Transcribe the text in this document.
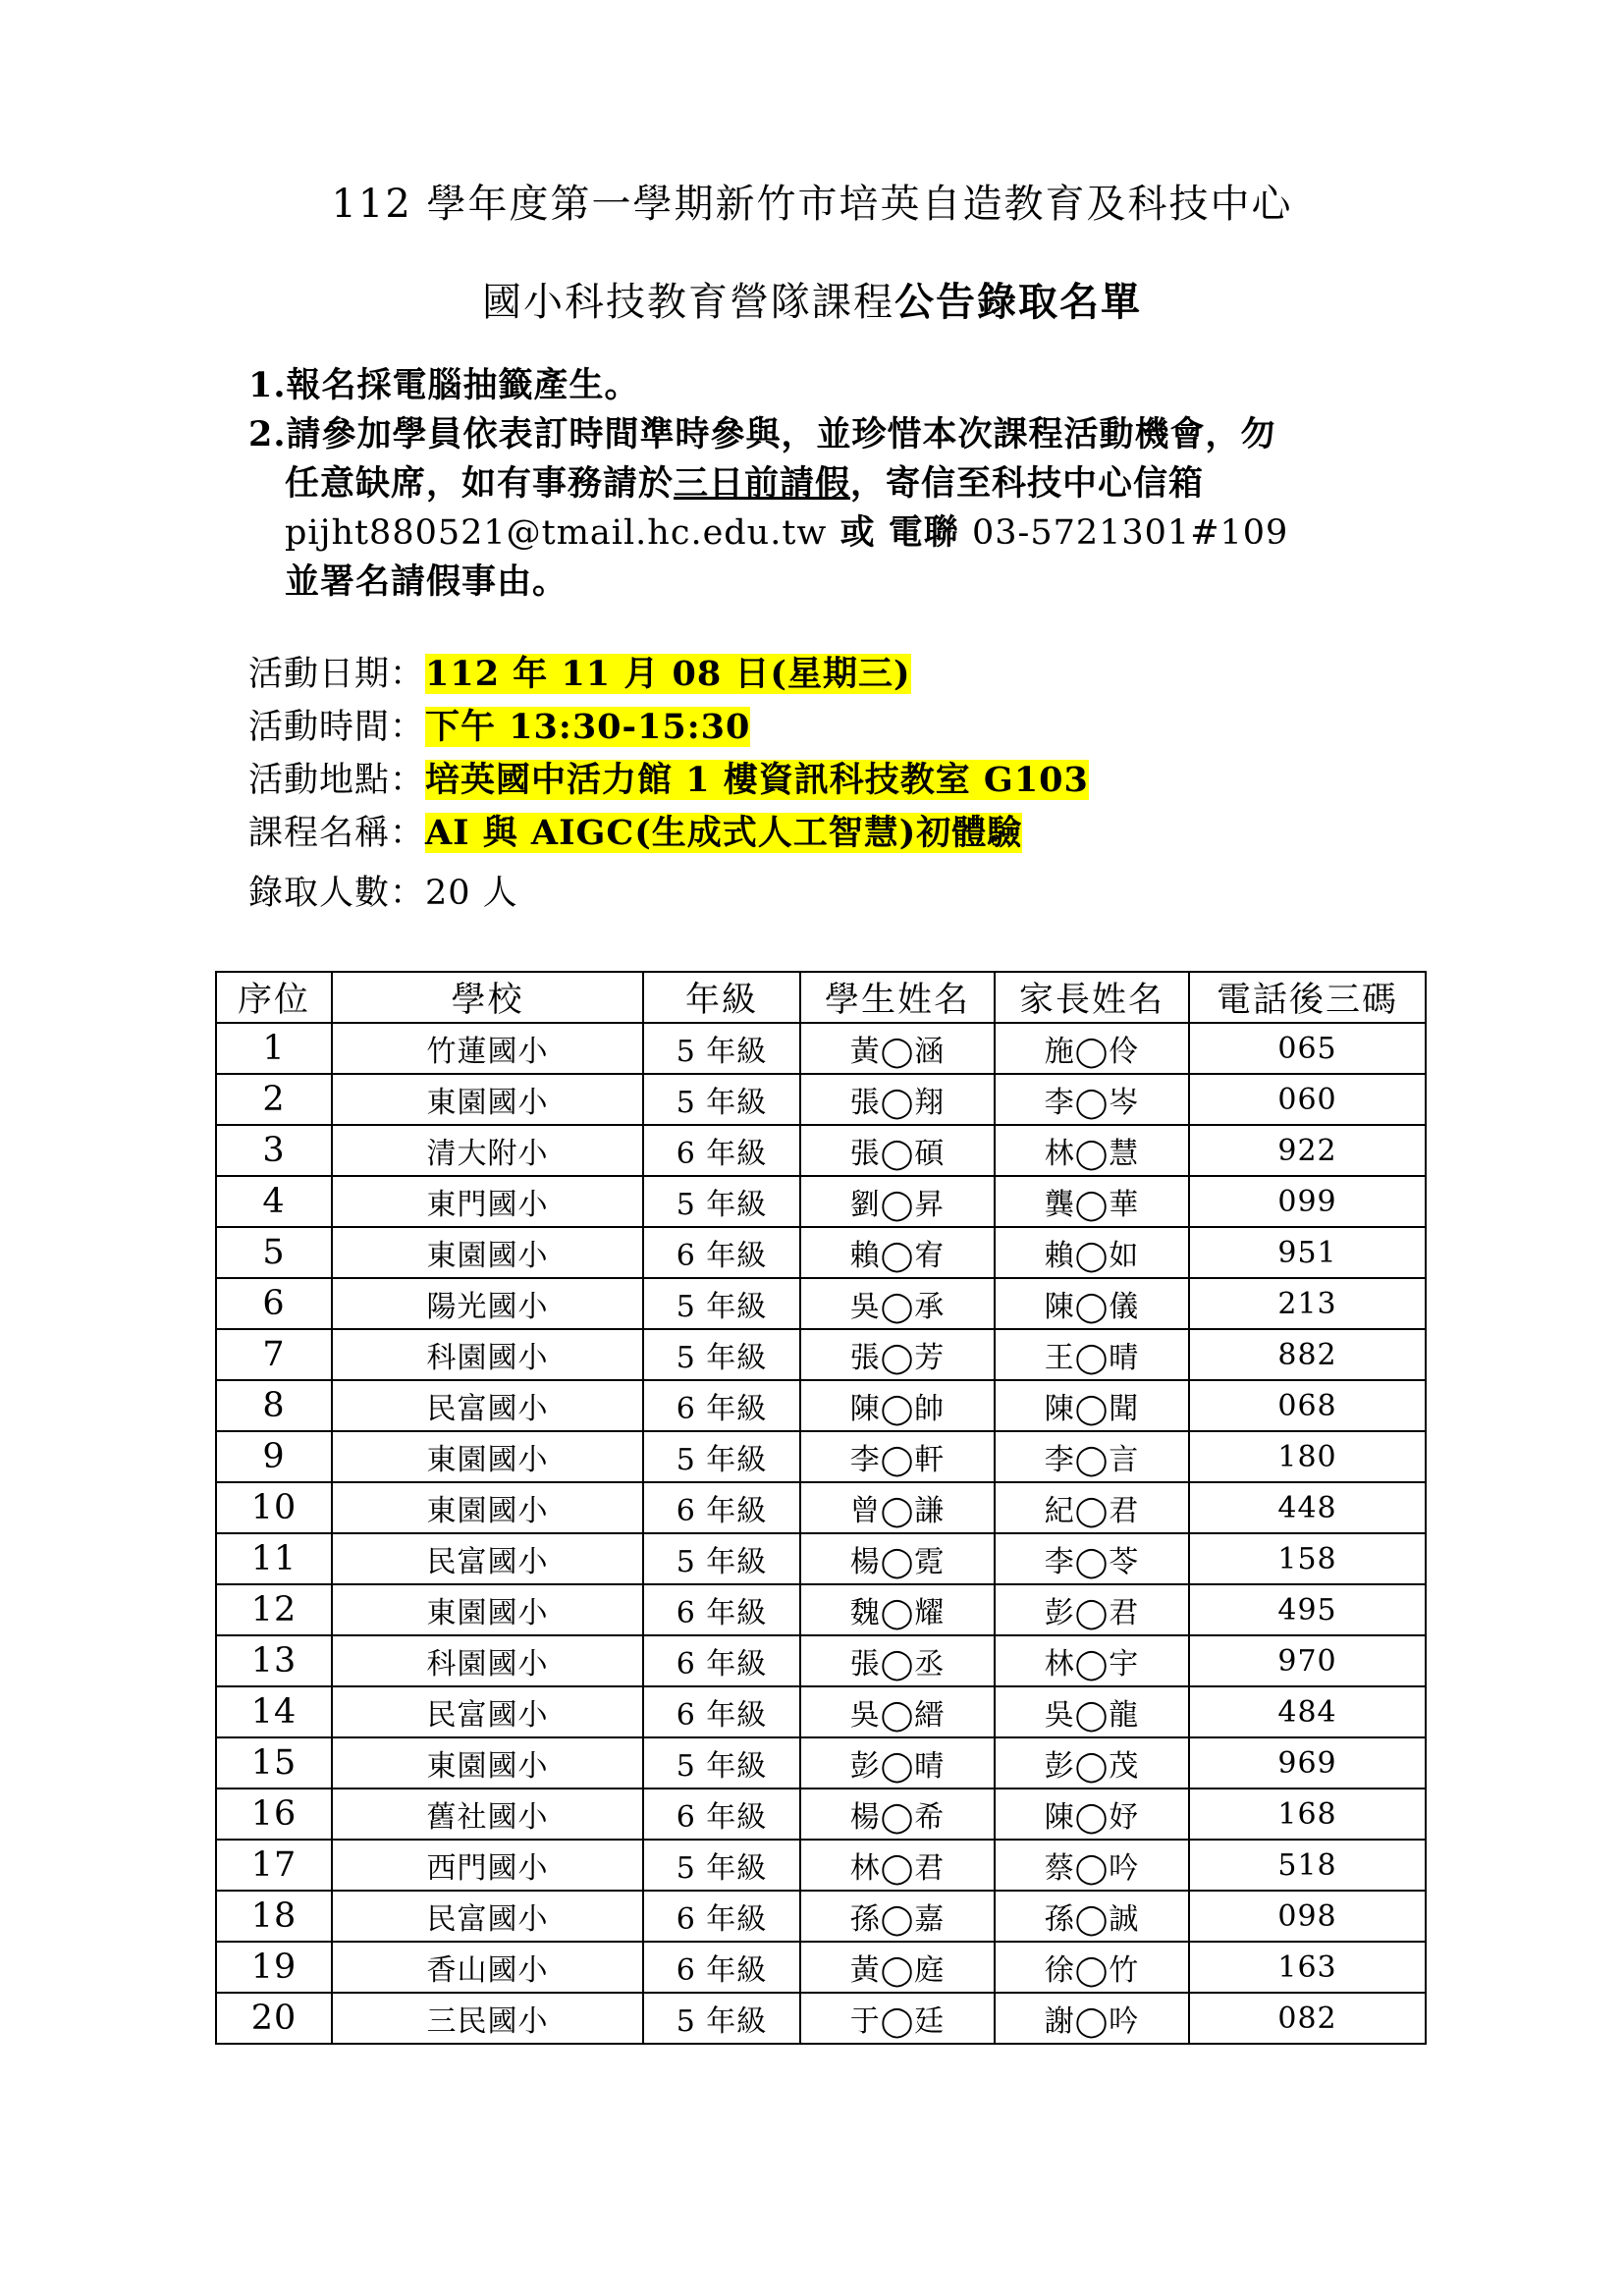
112 學年度第一學期新竹市培英自造教育及科技中心
國小科技教育營隊課程公告錄取名單
1.報名採電腦抽籤產生。
2.請參加學員依表訂時間準時參與，並珍惜本次課程活動機會，勿
任意缺席，如有事務請於三日前請假，寄信至科技中心信箱
pijht880521@tmail.hc.edu.tw 或 電聯 03-5721301#109
並署名請假事由。
活動日期：112 年 11 月 08 日(星期三)
活動時間：下午 13:30-15:30
活動地點：培英國中活力館 1 樓資訊科技教室 G103
課程名稱：AI 與 AIGC(生成式人工智慧)初體驗
錄取人數：20 人
序位	學校	年級	學生姓名	家長姓名	電話後三碼
1	竹蓮國小	5 年級	黃◯涵	施◯伶	065
2	東園國小	5 年級	張◯翔	李◯岑	060
3	清大附小	6 年級	張◯碩	林◯慧	922
4	東門國小	5 年級	劉◯昇	龔◯華	099
5	東園國小	6 年級	賴◯宥	賴◯如	951
6	陽光國小	5 年級	吳◯承	陳◯儀	213
7	科園國小	5 年級	張◯芳	王◯晴	882
8	民富國小	6 年級	陳◯帥	陳◯聞	068
9	東園國小	5 年級	李◯軒	李◯言	180
10	東園國小	6 年級	曾◯謙	紀◯君	448
11	民富國小	5 年級	楊◯霓	李◯苓	158
12	東園國小	6 年級	魏◯耀	彭◯君	495
13	科園國小	6 年級	張◯丞	林◯宇	970
14	民富國小	6 年級	吳◯縉	吳◯龍	484
15	東園國小	5 年級	彭◯晴	彭◯茂	969
16	舊社國小	6 年級	楊◯希	陳◯妤	168
17	西門國小	5 年級	林◯君	蔡◯吟	518
18	民富國小	6 年級	孫◯嘉	孫◯誠	098
19	香山國小	6 年級	黃◯庭	徐◯竹	163
20	三民國小	5 年級	于◯廷	謝◯吟	082
